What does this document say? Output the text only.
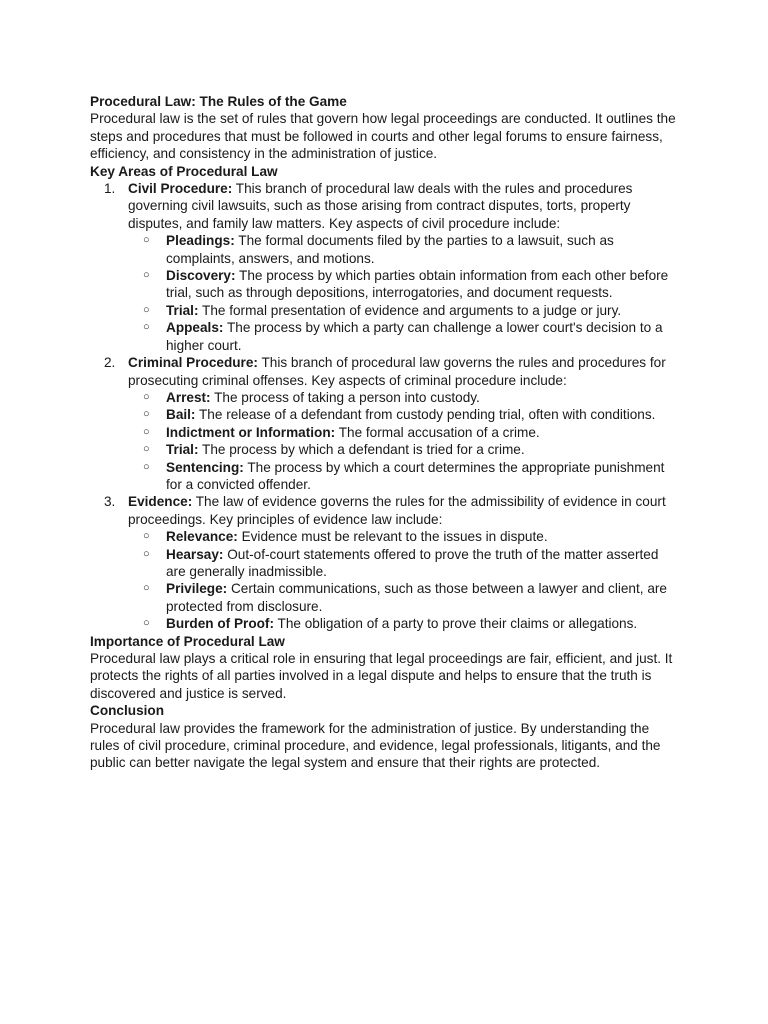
Procedural Law: The Rules of the Game

Procedural law is the set of rules that govern how legal proceedings are conducted. It outlines the steps and procedures that must be followed in courts and other legal forums to ensure fairness, efficiency, and consistency in the administration of justice.

Key Areas of Procedural Law

1. Civil Procedure: This branch of procedural law deals with the rules and procedures governing civil lawsuits, such as those arising from contract disputes, torts, property disputes, and family law matters. Key aspects of civil procedure include:
○ Pleadings: The formal documents filed by the parties to a lawsuit, such as complaints, answers, and motions.
○ Discovery: The process by which parties obtain information from each other before trial, such as through depositions, interrogatories, and document requests.
○ Trial: The formal presentation of evidence and arguments to a judge or jury.
○ Appeals: The process by which a party can challenge a lower court's decision to a higher court.
2. Criminal Procedure: This branch of procedural law governs the rules and procedures for prosecuting criminal offenses. Key aspects of criminal procedure include:
○ Arrest: The process of taking a person into custody.
○ Bail: The release of a defendant from custody pending trial, often with conditions.
○ Indictment or Information: The formal accusation of a crime.
○ Trial: The process by which a defendant is tried for a crime.
○ Sentencing: The process by which a court determines the appropriate punishment for a convicted offender.
3. Evidence: The law of evidence governs the rules for the admissibility of evidence in court proceedings. Key principles of evidence law include:
○ Relevance: Evidence must be relevant to the issues in dispute.
○ Hearsay: Out-of-court statements offered to prove the truth of the matter asserted are generally inadmissible.
○ Privilege: Certain communications, such as those between a lawyer and client, are protected from disclosure.
○ Burden of Proof: The obligation of a party to prove their claims or allegations.

Importance of Procedural Law

Procedural law plays a critical role in ensuring that legal proceedings are fair, efficient, and just. It protects the rights of all parties involved in a legal dispute and helps to ensure that the truth is discovered and justice is served.

Conclusion

Procedural law provides the framework for the administration of justice. By understanding the rules of civil procedure, criminal procedure, and evidence, legal professionals, litigants, and the public can better navigate the legal system and ensure that their rights are protected.
